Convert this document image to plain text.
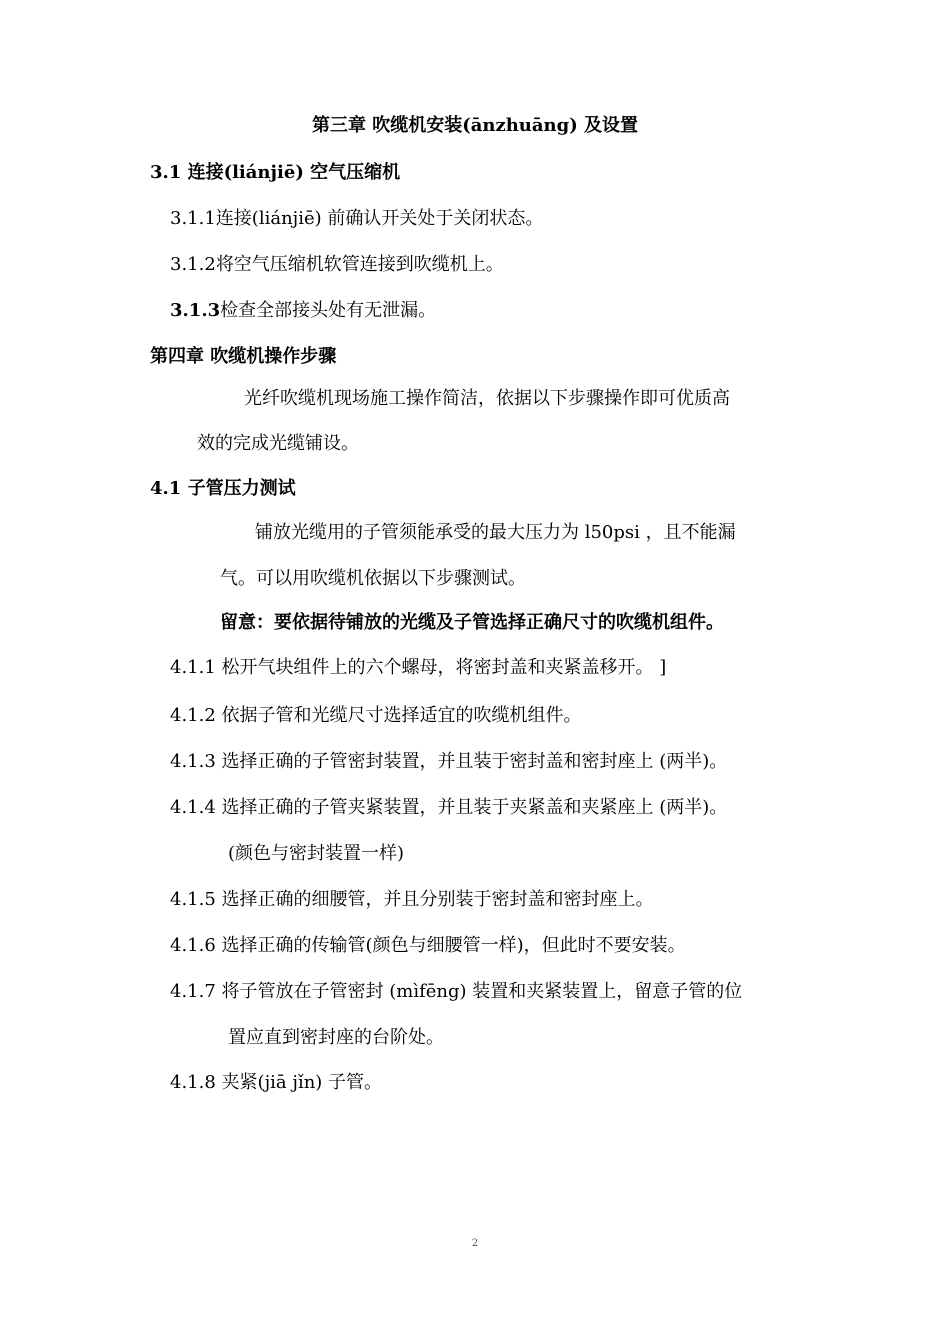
第三章 吹缆机安装(ānzhuāng) 及设置
3.1 连接(liánjiē) 空气压缩机
3.1.1连接(liánjiē) 前确认开关处于关闭状态。
3.1.2将空气压缩机软管连接到吹缆机上。
3.1.3检查全部接头处有无泄漏。
第四章 吹缆机操作步骤
光纤吹缆机现场施工操作简洁，依据以下步骤操作即可优质高
效的完成光缆铺设。
4.1 子管压力测试
铺放光缆用的子管须能承受的最大压力为 l50psi ，且不能漏
气。可以用吹缆机依据以下步骤测试。
留意：要依据待铺放的光缆及子管选择正确尺寸的吹缆机组件。
4.1.1 松开气块组件上的六个螺母，将密封盖和夹紧盖移开。 ]
4.1.2 依据子管和光缆尺寸选择适宜的吹缆机组件。
4.1.3 选择正确的子管密封装置，并且装于密封盖和密封座上 (两半)。
4.1.4 选择正确的子管夹紧装置，并且装于夹紧盖和夹紧座上 (两半)。
(颜色与密封装置一样)
4.1.5 选择正确的细腰管，并且分别装于密封盖和密封座上。
4.1.6 选择正确的传输管(颜色与细腰管一样)，但此时不要安装。
4.1.7 将子管放在子管密封 (mìfēng) 装置和夹紧装置上，留意子管的位
置应直到密封座的台阶处。
4.1.8 夹紧(jiā jǐn) 子管。
2
